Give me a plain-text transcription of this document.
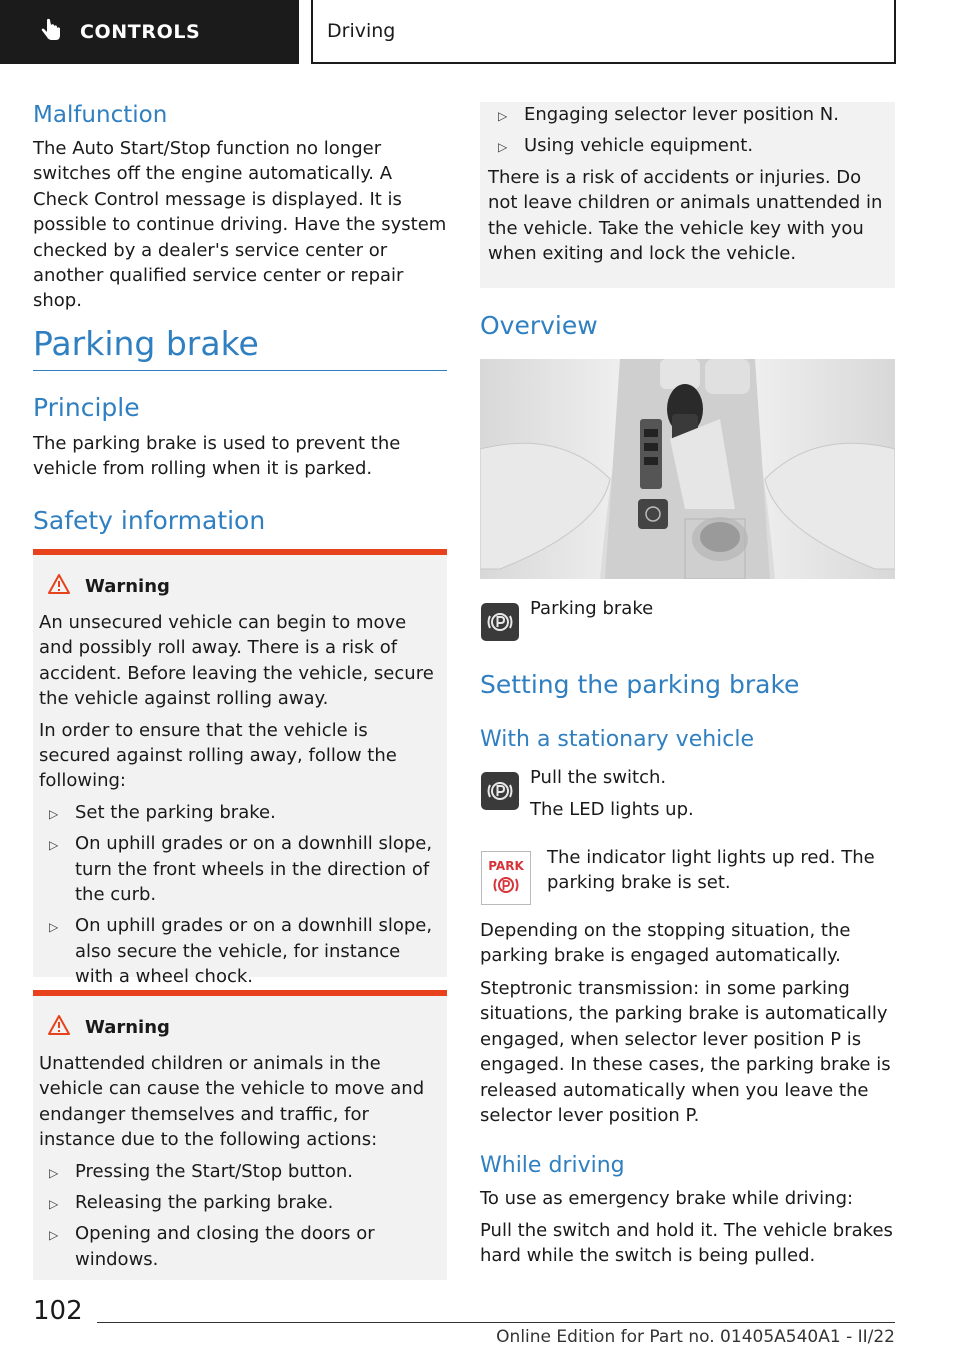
CONTROLS	Driving
Malfunction
The Auto Start/Stop function no longer switches off the engine automatically. A Check Control message is displayed. It is possible to continue driving. Have the system checked by a dealer's service center or another qualified service center or repair shop.
Parking brake
Principle
The parking brake is used to prevent the vehicle from rolling when it is parked.
Safety information
Warning
An unsecured vehicle can begin to move and possibly roll away. There is a risk of accident. Before leaving the vehicle, secure the vehicle against rolling away.
In order to ensure that the vehicle is secured against rolling away, follow the following:
▷ Set the parking brake.
▷ On uphill grades or on a downhill slope, turn the front wheels in the direction of the curb.
▷ On uphill grades or on a downhill slope, also secure the vehicle, for instance with a wheel chock.
Warning
Unattended children or animals in the vehicle can cause the vehicle to move and endanger themselves and traffic, for instance due to the following actions:
▷ Pressing the Start/Stop button.
▷ Releasing the parking brake.
▷ Opening and closing the doors or windows.
▷ Engaging selector lever position N.
▷ Using vehicle equipment.
There is a risk of accidents or injuries. Do not leave children or animals unattended in the vehicle. Take the vehicle key with you when exiting and lock the vehicle.
Overview
Parking brake
Setting the parking brake
With a stationary vehicle
Pull the switch.
The LED lights up.
PARK The indicator light lights up red. The parking brake is set.
Depending on the stopping situation, the parking brake is engaged automatically.
Steptronic transmission: in some parking situations, the parking brake is automatically engaged, when selector lever position P is engaged. In these cases, the parking brake is released automatically when you leave the selector lever position P.
While driving
To use as emergency brake while driving:
Pull the switch and hold it. The vehicle brakes hard while the switch is being pulled.
102
Online Edition for Part no. 01405A540A1 - II/22
